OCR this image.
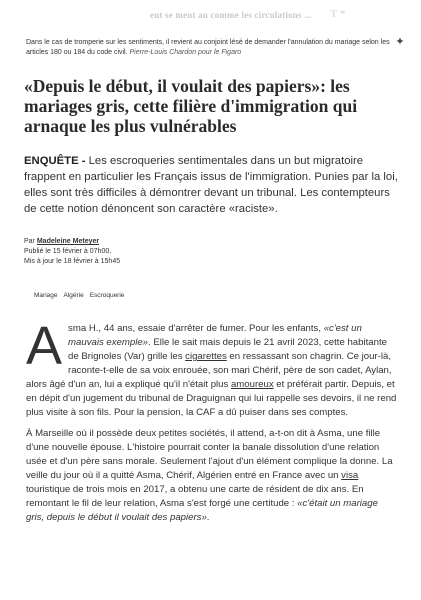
ent se ment au comme les circulations ... T *
✦
Dans le cas de tromperie sur les sentiments, il revient au conjoint lésé de demander l'annulation du mariage selon les articles 180 ou 184 du code civil. Pierre-Louis Chardon pour le Figaro
«Depuis le début, il voulait des papiers»: les mariages gris, cette filière d'immigration qui arnaque les plus vulnérables

ENQUÊTE - Les escroqueries sentimentales dans un but migratoire frappent en particulier les Français issus de l'immigration. Punies par la loi, elles sont très difficiles à démontrer devant un tribunal. Les contempteurs de cette notion dénoncent son caractère «raciste».

Par Madeleine Meteyer
Publié le 15 février à 07h00,
Mis à jour le 18 février à 15h45
Mariage Algérie Escroquerie

Asma H., 44 ans, essaie d'arrêter de fumer. Pour les enfants, «c'est un mauvais exemple». Elle le sait mais depuis le 21 avril 2023, cette habitante de Brignoles (Var) grille les cigarettes en ressassant son chagrin. Ce jour-là, raconte-t-elle de sa voix enrouée, son mari Chérif, père de son cadet, Aylan, alors âgé d'un an, lui a expliqué qu'il n'était plus amoureux et préférait partir. Depuis, et en dépit d'un jugement du tribunal de Draguignan qui lui rappelle ses devoirs, il ne rend plus visite à son fils. Pour la pension, la CAF a dû puiser dans ses comptes.

À Marseille où il possède deux petites sociétés, il attend, a-t-on dit à Asma, une fille d'une nouvelle épouse. L'histoire pourrait conter la banale dissolution d'une relation usée et d'un père sans morale. Seulement l'ajout d'un élément complique la donne. La veille du jour où il a quitté Asma, Chérif, Algérien entré en France avec un visa touristique de trois mois en 2017, a obtenu une carte de résident de dix ans. En remontant le fil de leur relation, Asma s'est forgé une certitude : «c'était un mariage gris, depuis le début il voulait des papiers».
